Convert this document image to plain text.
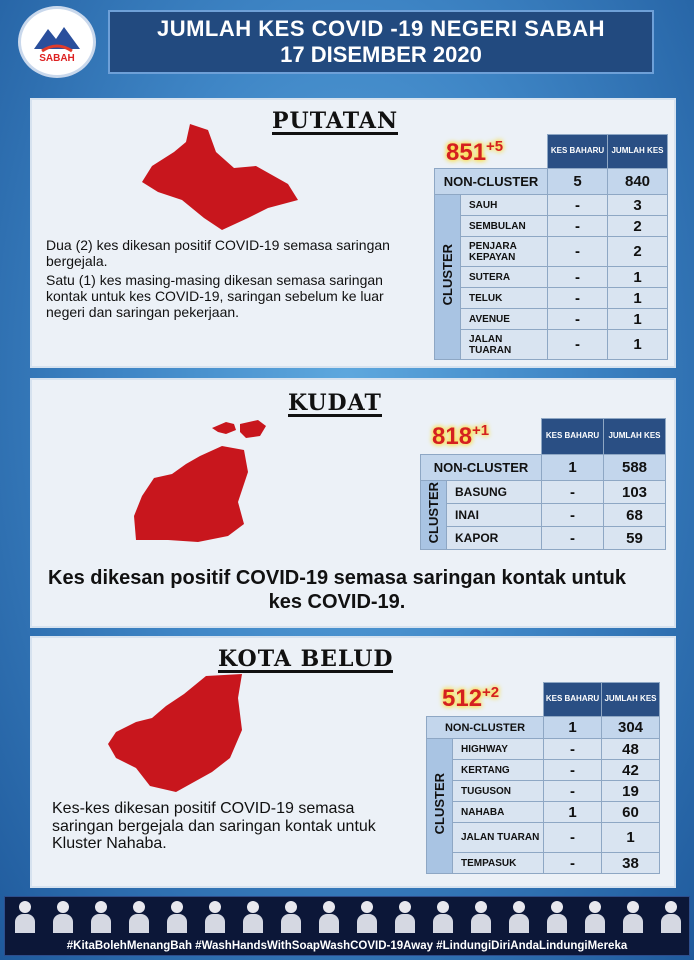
SABAH
JUMLAH KES COVID -19 NEGERI SABAH
17 DISEMBER 2020
PUTATAN
$851^{+5}$

Dua (2) kes dikesan positif COVID-19 semasa saringan bergejala.

Satu (1) kes masing-masing dikesan semasa saringan kontak untuk kes COVID-19, saringan sebelum ke luar negeri dan saringan pekerjaan.

		KES BAHARU	JUMLAH KES
NON-CLUSTER		5	840
CLUSTER	SAUH	-	3
	SEMBULAN	-	2
	PENJARA KEPAYAN	-	2
	SUTERA	-	1
	TELUK	-	1
	AVENUE	-	1
	JALAN TUARAN	-	1
KUDAT
$818^{+1}$

Kes dikesan positif COVID-19 semasa saringan kontak untuk kes COVID-19.

		KES BAHARU	JUMLAH KES
NON-CLUSTER		1	588
CLUSTER	BASUNG	-	103
	INAI	-	68
	KAPOR	-	59
KOTA BELUD
$512^{+2}$

Kes-kes dikesan positif COVID-19 semasa saringan bergejala dan saringan kontak untuk Kluster Nahaba.

		KES BAHARU	JUMLAH KES
NON-CLUSTER		1	304
CLUSTER	HIGHWAY	-	48
	KERTANG	-	42
	TUGUSON	-	19
	NAHABA	1	60
	JALAN TUARAN	-	1
	TEMPASUK	-	38
#KitaBolehMenangBah #WashHandsWithSoapWashCOVID-19Away #LindungiDiriAndaLindungiMereka
